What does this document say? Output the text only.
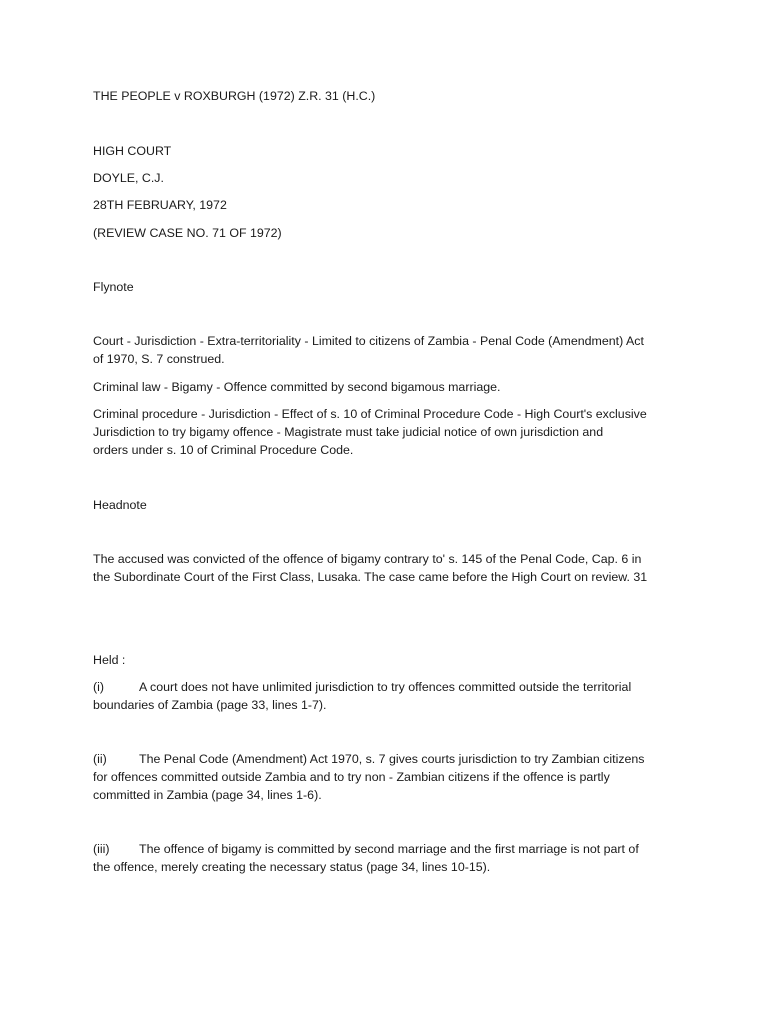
THE PEOPLE v ROXBURGH (1972) Z.R. 31 (H.C.)
HIGH COURT
DOYLE, C.J.
28TH FEBRUARY, 1972
(REVIEW CASE NO. 71 OF 1972)
Flynote
Court - Jurisdiction - Extra-territoriality - Limited to citizens of Zambia - Penal Code (Amendment) Act
of 1970, S. 7 construed.
Criminal law - Bigamy - Offence committed by second bigamous marriage.
Criminal procedure - Jurisdiction - Effect of s. 10 of Criminal Procedure Code - High Court's exclusive
Jurisdiction to try bigamy offence - Magistrate must take judicial notice of own jurisdiction and
orders under s. 10 of Criminal Procedure Code.
Headnote
The accused was convicted of the offence of bigamy contrary to' s. 145 of the Penal Code, Cap. 6 in
the Subordinate Court of the First Class, Lusaka. The case came before the High Court on review. 31
Held :
(i)	A court does not have unlimited jurisdiction to try offences committed outside the territorial
boundaries of Zambia (page 33, lines 1-7).
(ii)	The Penal Code (Amendment) Act 1970, s. 7 gives courts jurisdiction to try Zambian citizens
for offences committed outside Zambia and to try non - Zambian citizens if the offence is partly
committed in Zambia (page 34, lines 1-6).
(iii) The offence of bigamy is committed by second marriage and the first marriage is not part of
the offence, merely creating the necessary status (page 34, lines 10-15).
